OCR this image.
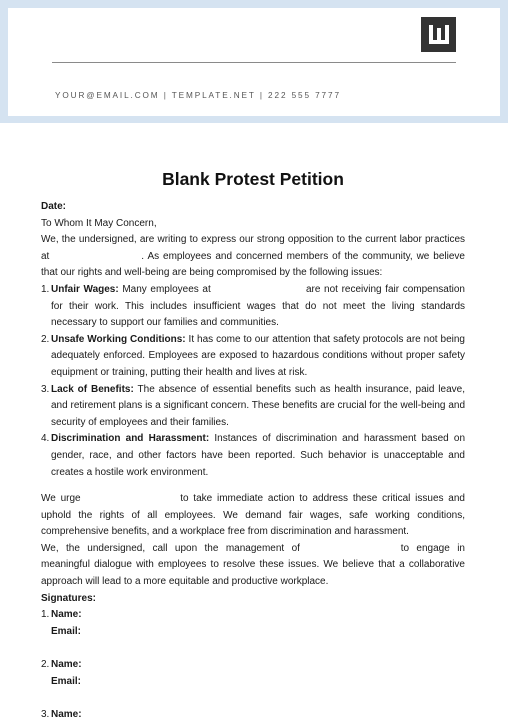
YOUR@EMAIL.COM | TEMPLATE.NET | 222 555 7777
Blank Protest Petition

Date:

To Whom It May Concern,

We, the undersigned, are writing to express our strong opposition to the current labor practices at	. As employees and concerned members of the community, we believe that our rights and well-being are being compromised by the following issues:

1. Unfair Wages: Many employees at	are not receiving fair compensation for their work. This includes insufficient wages that do not meet the living standards necessary to support our families and communities.
2. Unsafe Working Conditions: It has come to our attention that safety protocols are not being adequately enforced. Employees are exposed to hazardous conditions without proper safety equipment or training, putting their health and lives at risk.
3. Lack of Benefits: The absence of essential benefits such as health insurance, paid leave, and retirement plans is a significant concern. These benefits are crucial for the well-being and security of employees and their families.
4. Discrimination and Harassment: Instances of discrimination and harassment based on gender, race, and other factors have been reported. Such behavior is unacceptable and creates a hostile work environment.

We urge	to take immediate action to address these critical issues and uphold the rights of all employees. We demand fair wages, safe working conditions, comprehensive benefits, and a workplace free from discrimination and harassment.

We, the undersigned, call upon the management of	to engage in meaningful dialogue with employees to resolve these issues. We believe that a collaborative approach will lead to a more equitable and productive workplace.

Signatures:

1. Name:
Email:
2. Name:
Email:
3. Name:
